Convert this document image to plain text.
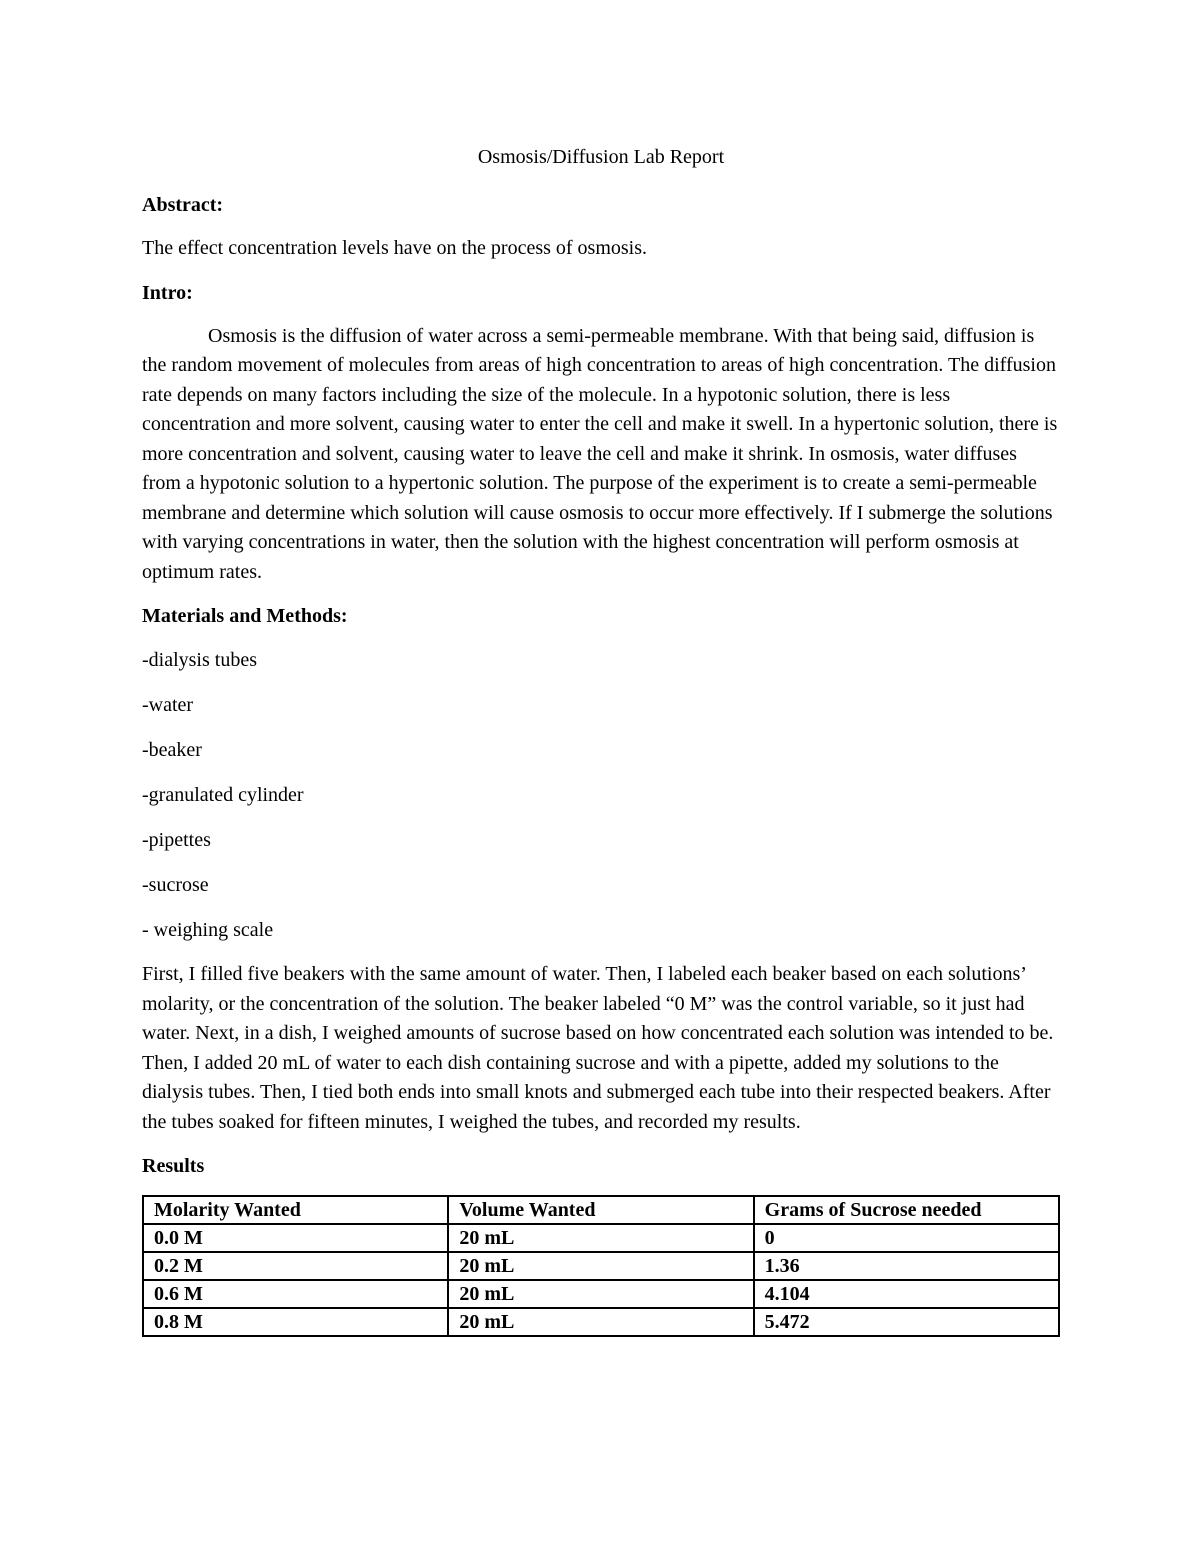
Osmosis/Diffusion Lab Report
Abstract:

The effect concentration levels have on the process of osmosis.

Intro:

Osmosis is the diffusion of water across a semi-permeable membrane. With that being said, diffusion is the random movement of molecules from areas of high concentration to areas of high concentration. The diffusion rate depends on many factors including the size of the molecule. In a hypotonic solution, there is less concentration and more solvent, causing water to enter the cell and make it swell. In a hypertonic solution, there is more concentration and solvent, causing water to leave the cell and make it shrink. In osmosis, water diffuses from a hypotonic solution to a hypertonic solution. The purpose of the experiment is to create a semi-permeable membrane and determine which solution will cause osmosis to occur more effectively. If I submerge the solutions with varying concentrations in water, then the solution with the highest concentration will perform osmosis at optimum rates.

Materials and Methods:
-dialysis tubes
-water
-beaker
-granulated cylinder
-pipettes
-sucrose
- weighing scale

First, I filled five beakers with the same amount of water. Then, I labeled each beaker based on each solutions’ molarity, or the concentration of the solution. The beaker labeled “0 M” was the control variable, so it just had water. Next, in a dish, I weighed amounts of sucrose based on how concentrated each solution was intended to be. Then, I added 20 mL of water to each dish containing sucrose and with a pipette, added my solutions to the dialysis tubes. Then, I tied both ends into small knots and submerged each tube into their respected beakers. After the tubes soaked for fifteen minutes, I weighed the tubes, and recorded my results.

Results
Molarity Wanted	Volume Wanted	Grams of Sucrose needed
0.0 M	20 mL	0
0.2 M	20 mL	1.36
0.6 M	20 mL	4.104
0.8 M	20 mL	5.472
